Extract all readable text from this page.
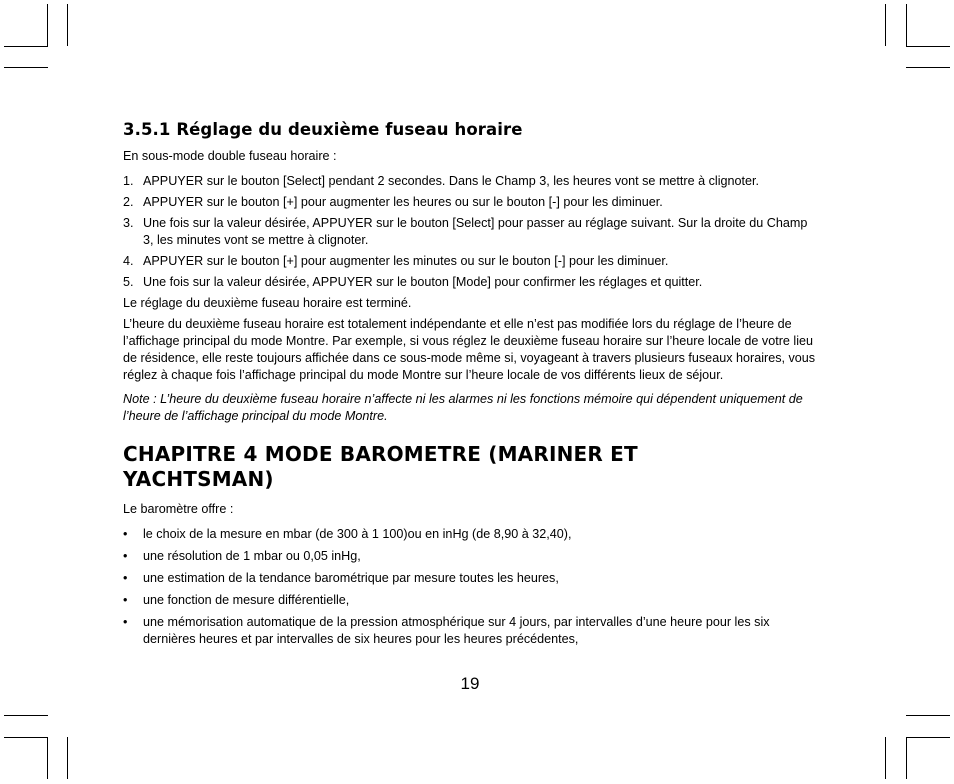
3.5.1 Réglage du deuxième fuseau horaire

En sous-mode double fuseau horaire :

1. APPUYER sur le bouton [Select] pendant 2 secondes. Dans le Champ 3, les heures vont se mettre à clignoter.
2. APPUYER sur le bouton [+] pour augmenter les heures ou sur le bouton [-] pour les diminuer.
3. Une fois sur la valeur désirée, APPUYER sur le bouton [Select] pour passer au réglage suivant. Sur la droite du Champ 3, les minutes vont se mettre à clignoter.
4. APPUYER sur le bouton [+] pour augmenter les minutes ou sur le bouton [-] pour les diminuer.
5. Une fois sur la valeur désirée, APPUYER sur le bouton [Mode] pour confirmer les réglages et quitter.

Le réglage du deuxième fuseau horaire est terminé.

L’heure du deuxième fuseau horaire est totalement indépendante et elle n’est pas modifiée lors du réglage de l’heure de l’affichage principal du mode Montre. Par exemple, si vous réglez le deuxième fuseau horaire sur l’heure locale de votre lieu de résidence, elle reste toujours affichée dans ce sous-mode même si, voyageant à travers plusieurs fuseaux horaires, vous réglez à chaque fois l’affichage principal du mode Montre sur l’heure locale de vos différents lieux de séjour.

Note : L’heure du deuxième fuseau horaire n’affecte ni les alarmes ni les fonctions mémoire qui dépendent uniquement de l’heure de l’affichage principal du mode Montre.

CHAPITRE 4 MODE BAROMETRE (MARINER ET YACHTSMAN)

Le baromètre offre :

• le choix de la mesure en mbar (de 300 à 1 100)ou en inHg (de 8,90 à 32,40),
• une résolution de 1 mbar ou 0,05 inHg,
• une estimation de la tendance barométrique par mesure toutes les heures,
• une fonction de mesure différentielle,
• une mémorisation automatique de la pression atmosphérique sur 4 jours, par intervalles d’une heure pour les six dernières heures et par intervalles de six heures pour les heures précédentes,
19
